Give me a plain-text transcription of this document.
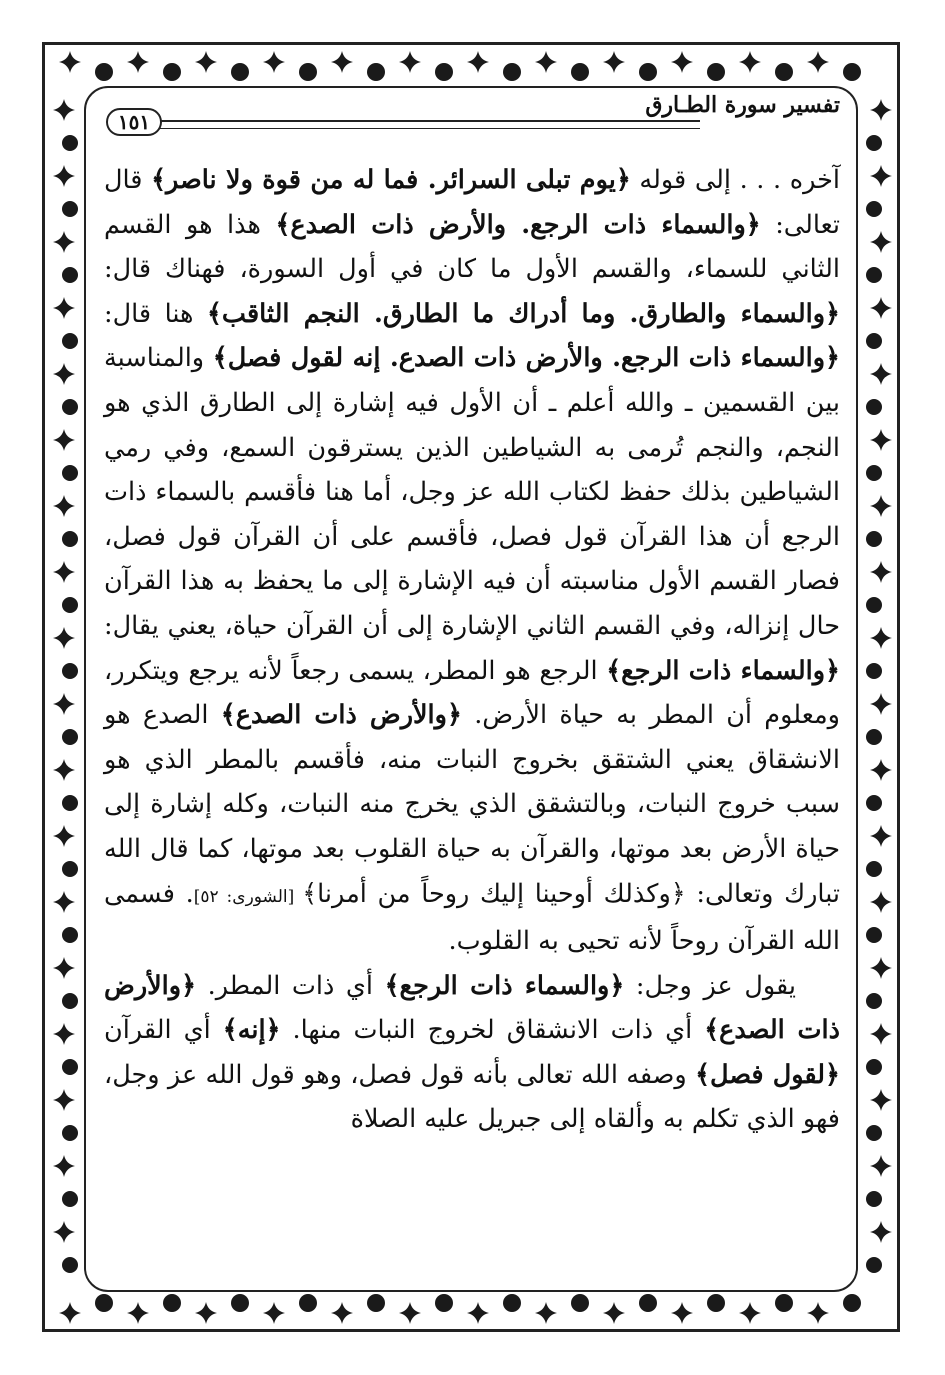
١٥١
تفسير سورة الطـارق

آخره . . . إلى قوله ﴿يوم تبلى السرائر. فما له من قوة ولا ناصر﴾ قال تعالى: ﴿والسماء ذات الرجع. والأرض ذات الصدع﴾ هذا هو القسم الثاني للسماء، والقسم الأول ما كان في أول السورة، فهناك قال: ﴿والسماء والطارق. وما أدراك ما الطارق. النجم الثاقب﴾ هنا قال: ﴿والسماء ذات الرجع. والأرض ذات الصدع. إنه لقول فصل﴾ والمناسبة بين القسمين ـ والله أعلم ـ أن الأول فيه إشارة إلى الطارق الذي هو النجم، والنجم تُرمى به الشياطين الذين يسترقون السمع، وفي رمي الشياطين بذلك حفظ لكتاب الله عز وجل، أما هنا فأقسم بالسماء ذات الرجع أن هذا القرآن قول فصل، فأقسم على أن القرآن قول فصل، فصار القسم الأول مناسبته أن فيه الإشارة إلى ما يحفظ به هذا القرآن حال إنزاله، وفي القسم الثاني الإشارة إلى أن القرآن حياة، يعني يقال: ﴿والسماء ذات الرجع﴾ الرجع هو المطر، يسمى رجعاً لأنه يرجع ويتكرر، ومعلوم أن المطر به حياة الأرض. ﴿والأرض ذات الصدع﴾ الصدع هو الانشقاق يعني الشتقق بخروج النبات منه، فأقسم بالمطر الذي هو سبب خروج النبات، وبالتشقق الذي يخرج منه النبات، وكله إشارة إلى حياة الأرض بعد موتها، والقرآن به حياة القلوب بعد موتها، كما قال الله تبارك وتعالى: ﴿وكذلك أوحينا إليك روحاً من أمرنا﴾ [الشورى: ٥٢]. فسمى الله القرآن روحاً لأنه تحيى به القلوب.

يقول عز وجل: ﴿والسماء ذات الرجع﴾ أي ذات المطر. ﴿والأرض ذات الصدع﴾ أي ذات الانشقاق لخروج النبات منها. ﴿إنه﴾ أي القرآن ﴿لقول فصل﴾ وصفه الله تعالى بأنه قول فصل، وهو قول الله عز وجل، فهو الذي تكلم به وألقاه إلى جبريل عليه الصلاة
